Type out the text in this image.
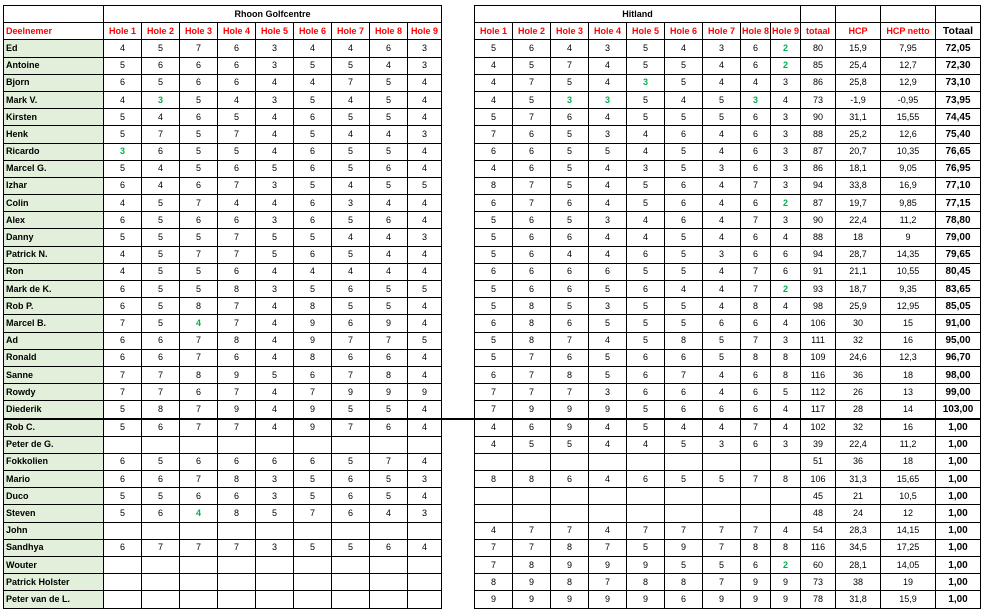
	Rhoon Golfcentre										Hitland												
Deelnemer	Hole 1	Hole 2	Hole 3	Hole 4	Hole 5	Hole 6	Hole 7	Hole 8	Hole 9		Hole 1	Hole 2	Hole 3	Hole 4	Hole 5	Hole 6	Hole 7	Hole 8	Hole 9	totaal	HCP	HCP netto	Totaal
Ed	4	5	7	6	3	4	4	6	3		5	6	4	3	5	4	3	6	2	80	15,9	7,95	72,05
Antoine	5	6	6	6	3	5	5	4	3		4	5	7	4	5	5	4	6	2	85	25,4	12,7	72,30
Bjorn	6	5	6	6	4	4	7	5	4		4	7	5	4	3	5	4	4	3	86	25,8	12,9	73,10
Mark V.	4	3	5	4	3	5	4	5	4		4	5	3	3	5	4	5	3	4	73	-1,9	-0,95	73,95
Kirsten	5	4	6	5	4	6	5	5	4		5	7	6	4	5	5	5	6	3	90	31,1	15,55	74,45
Henk	5	7	5	7	4	5	4	4	3		7	6	5	3	4	6	4	6	3	88	25,2	12,6	75,40
Ricardo	3	6	5	5	4	6	5	5	4		6	6	5	5	4	5	4	6	3	87	20,7	10,35	76,65
Marcel G.	5	4	5	6	5	6	5	6	4		4	6	5	4	3	5	3	6	3	86	18,1	9,05	76,95
Izhar	6	4	6	7	3	5	4	5	5		8	7	5	4	5	6	4	7	3	94	33,8	16,9	77,10
Colin	4	5	7	4	4	6	3	4	4		6	7	6	4	5	6	4	6	2	87	19,7	9,85	77,15
Alex	6	5	6	6	3	6	5	6	4		5	6	5	3	4	6	4	7	3	90	22,4	11,2	78,80
Danny	5	5	5	7	5	5	4	4	3		5	6	6	4	4	5	4	6	4	88	18	9	79,00
Patrick N.	4	5	7	7	5	6	5	4	4		5	6	4	4	6	5	3	6	6	94	28,7	14,35	79,65
Ron	4	5	5	6	4	4	4	4	4		6	6	6	6	5	5	4	7	6	91	21,1	10,55	80,45
Mark de K.	6	5	5	8	3	5	6	5	5		5	6	6	5	6	4	4	7	2	93	18,7	9,35	83,65
Rob P.	6	5	8	7	4	8	5	5	4		5	8	5	3	5	5	4	8	4	98	25,9	12,95	85,05
Marcel B.	7	5	4	7	4	9	6	9	4		6	8	6	5	5	5	6	6	4	106	30	15	91,00
Ad	6	6	7	8	4	9	7	7	5		5	8	7	4	5	8	5	7	3	111	32	16	95,00
Ronald	6	6	7	6	4	8	6	6	4		5	7	6	5	6	6	5	8	8	109	24,6	12,3	96,70
Sanne	7	7	8	9	5	6	7	8	4		6	7	8	5	6	7	4	6	8	116	36	18	98,00
Rowdy	7	7	6	7	4	7	9	9	9		7	7	7	3	6	6	4	6	5	112	26	13	99,00
Diederik	5	8	7	9	4	9	5	5	4		7	9	9	9	5	6	6	6	4	117	28	14	103,00
Rob C.	5	6	7	7	4	9	7	6	4		4	6	9	4	5	4	4	7	4	102	32	16	1,00
Peter de G.											4	5	5	4	4	5	3	6	3	39	22,4	11,2	1,00
Fokkolien	6	5	6	6	6	6	5	7	4											51	36	18	1,00
Mario	6	6	7	8	3	5	6	5	3		8	8	6	4	6	5	5	7	8	106	31,3	15,65	1,00
Duco	5	5	6	6	3	5	6	5	4											45	21	10,5	1,00
Steven	5	6	4	8	5	7	6	4	3											48	24	12	1,00
John											4	7	7	4	7	7	7	7	4	54	28,3	14,15	1,00
Sandhya	6	7	7	7	3	5	5	6	4		7	7	8	7	5	9	7	8	8	116	34,5	17,25	1,00
Wouter											7	8	9	9	9	5	5	6	2	60	28,1	14,05	1,00
Patrick Holster											8	9	8	7	8	8	7	9	9	73	38	19	1,00
Peter van de L.											9	9	9	9	9	6	9	9	9	78	31,8	15,9	1,00
